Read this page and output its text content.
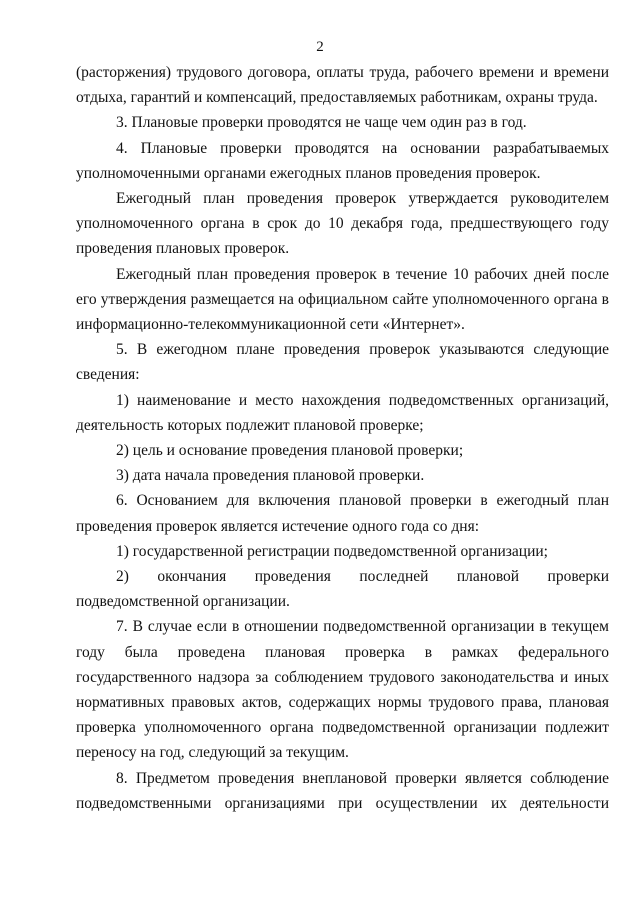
2

(расторжения) трудового договора, оплаты труда, рабочего времени и времени отдыха, гарантий и компенсаций, предоставляемых работникам, охраны труда.

3. Плановые проверки проводятся не чаще чем один раз в год.

4. Плановые проверки проводятся на основании разрабатываемых уполномоченными органами ежегодных планов проведения проверок.

Ежегодный план проведения проверок утверждается руководителем уполномоченного органа в срок до 10 декабря года, предшествующего году проведения плановых проверок.

Ежегодный план проведения проверок в течение 10 рабочих дней после его утверждения размещается на официальном сайте уполномоченного органа в информационно-телекоммуникационной сети «Интернет».

5. В ежегодном плане проведения проверок указываются следующие сведения:

1) наименование и место нахождения подведомственных организаций, деятельность которых подлежит плановой проверке;

2) цель и основание проведения плановой проверки;

3) дата начала проведения плановой проверки.

6. Основанием для включения плановой проверки в ежегодный план проведения проверок является истечение одного года со дня:

1) государственной регистрации подведомственной организации;

2) окончания проведения последней плановой проверки подведомственной организации.

7. В случае если в отношении подведомственной организации в текущем году была проведена плановая проверка в рамках федерального государственного надзора за соблюдением трудового законодательства и иных нормативных правовых актов, содержащих нормы трудового права, плановая проверка уполномоченного органа подведомственной организации подлежит переносу на год, следующий за текущим.

8. Предметом проведения внеплановой проверки является соблюдение подведомственными организациями при осуществлении их деятельности
